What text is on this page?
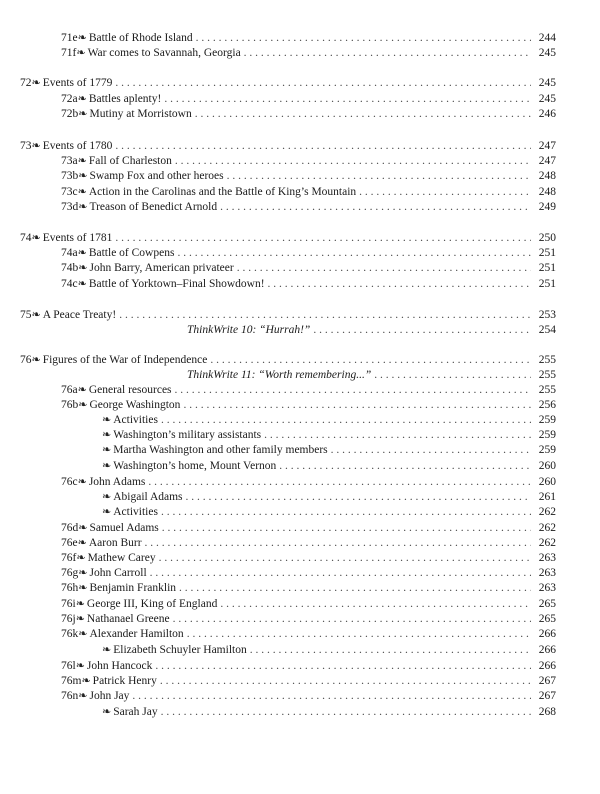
71e ❧ Battle of Rhode Island . . .	244
71f ❧ War comes to Savannah, Georgia . . .	245
72 ❧ Events of 1779 . . .	245
72a ❧ Battles aplenty! . . .	245
72b ❧ Mutiny at Morristown . . .	246
73 ❧ Events of 1780 . . .	247
73a ❧ Fall of Charleston . . .	247
73b ❧ Swamp Fox and other heroes . . .	248
73c ❧ Action in the Carolinas and the Battle of King’s Mountain . . .	248
73d ❧ Treason of Benedict Arnold . . .	249
74 ❧ Events of 1781 . . .	250
74a ❧ Battle of Cowpens . . .	251
74b ❧ John Barry, American privateer . . .	251
74c ❧ Battle of Yorktown–Final Showdown! . . .	251
75 ❧ A Peace Treaty! . . .	253
ThinkWrite 10: “Hurrah!” . . .	254
76 ❧ Figures of the War of Independence . . .	255
ThinkWrite 11: “Worth remembering...” . . .	255
76a ❧ General resources . . .	255
76b ❧ George Washington . . .	256
❧ Activities . . .	259
❧ Washington’s military assistants . . .	259
❧ Martha Washington and other family members . . .	259
❧ Washington’s home, Mount Vernon . . .	260
76c ❧ John Adams . . .	260
❧ Abigail Adams . . .	261
❧ Activities . . .	262
76d ❧ Samuel Adams . . .	262
76e ❧ Aaron Burr . . .	262
76f ❧ Mathew Carey . . .	263
76g ❧ John Carroll . . .	263
76h ❧ Benjamin Franklin . . .	263
76i ❧ George III, King of England . . .	265
76j ❧ Nathanael Greene . . .	265
76k ❧ Alexander Hamilton . . .	266
❧ Elizabeth Schuyler Hamilton . . .	266
76l ❧ John Hancock . . .	266
76m ❧ Patrick Henry . . .	267
76n ❧ John Jay . . .	267
❧ Sarah Jay . . .	268
